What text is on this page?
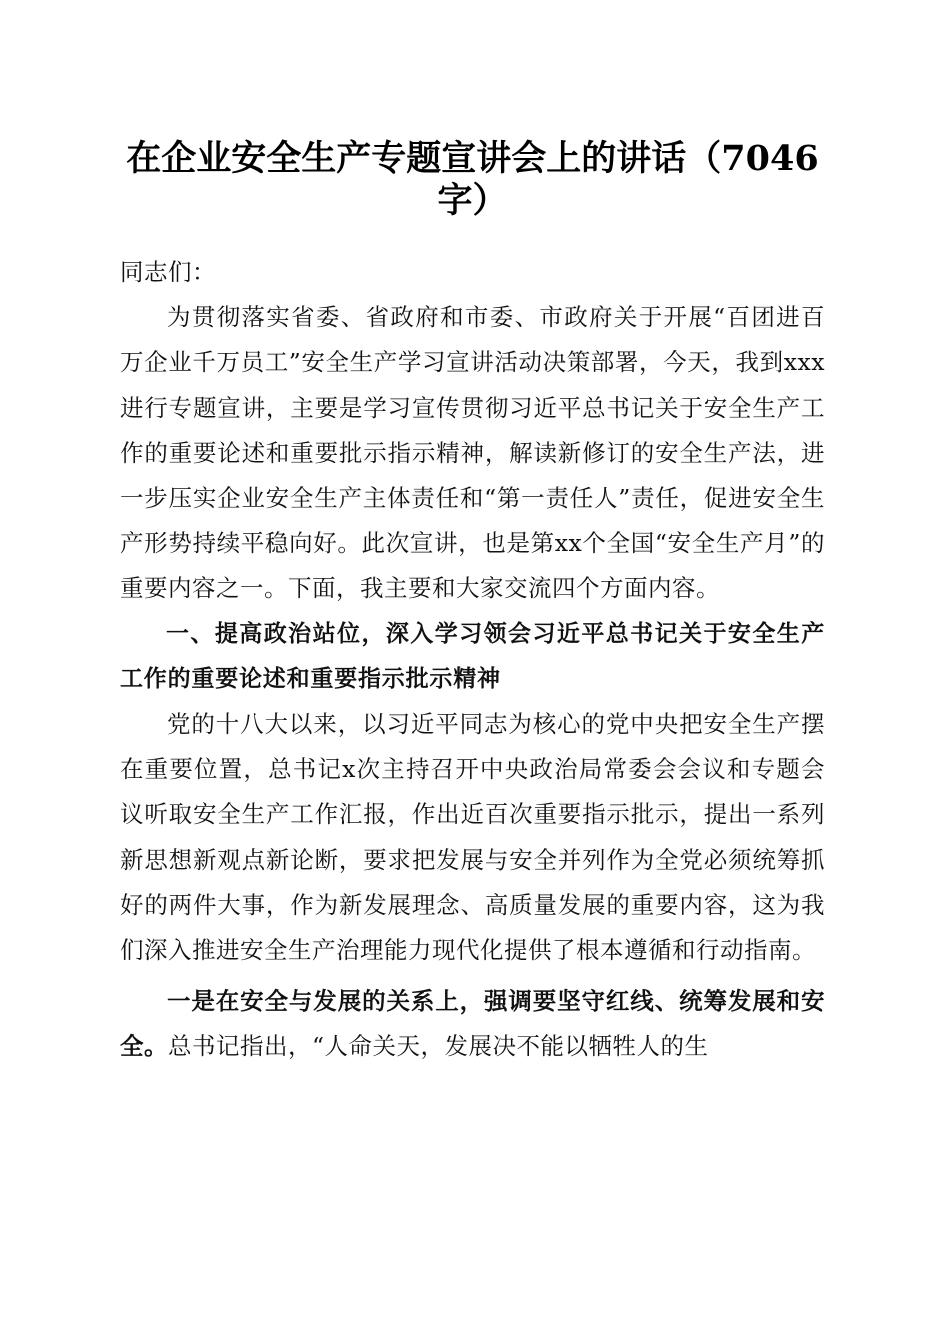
在企业安全生产专题宣讲会上的讲话（7046字）

同志们：

为贯彻落实省委、省政府和市委、市政府关于开展“百团进百万企业千万员工”安全生产学习宣讲活动决策部署，今天，我到xxx进行专题宣讲，主要是学习宣传贯彻习近平总书记关于安全生产工作的重要论述和重要批示指示精神，解读新修订的安全生产法，进一步压实企业安全生产主体责任和“第一责任人”责任，促进安全生产形势持续平稳向好。此次宣讲，也是第xx个全国“安全生产月”的重要内容之一。下面，我主要和大家交流四个方面内容。

一、提高政治站位，深入学习领会习近平总书记关于安全生产工作的重要论述和重要指示批示精神

党的十八大以来，以习近平同志为核心的党中央把安全生产摆在重要位置，总书记x次主持召开中央政治局常委会会议和专题会议听取安全生产工作汇报，作出近百次重要指示批示，提出一系列新思想新观点新论断，要求把发展与安全并列作为全党必须统筹抓好的两件大事，作为新发展理念、高质量发展的重要内容，这为我们深入推进安全生产治理能力现代化提供了根本遵循和行动指南。

一是在安全与发展的关系上，强调要坚守红线、统筹发展和安全。总书记指出，“人命关天，发展决不能以牺牲人的生
